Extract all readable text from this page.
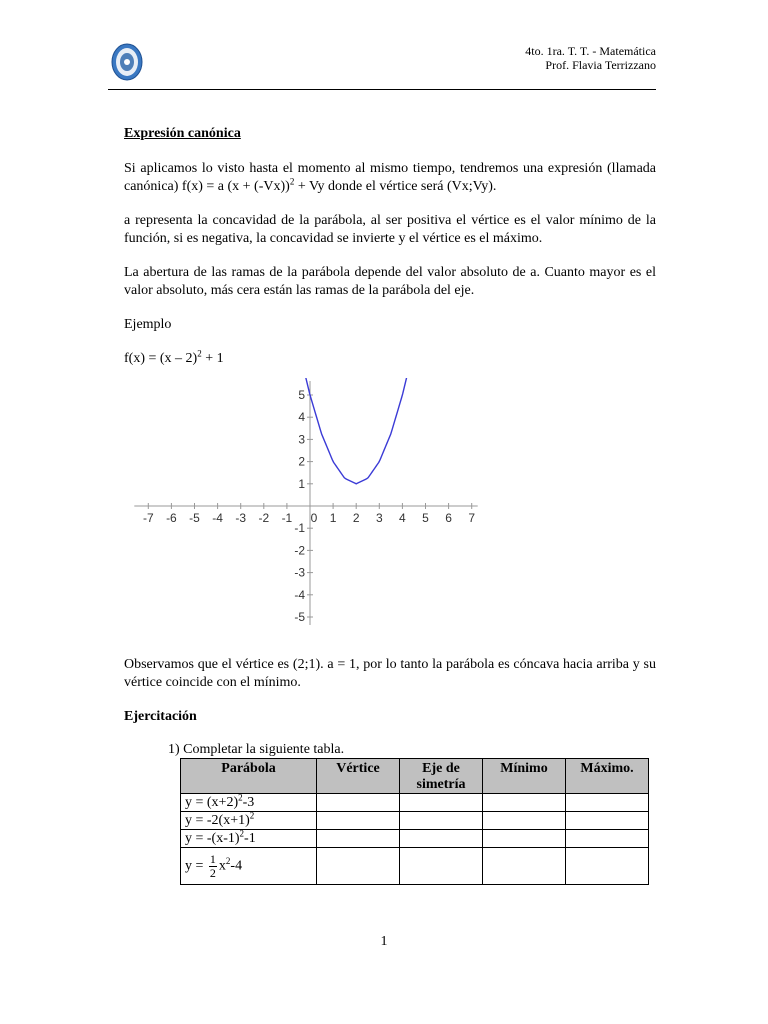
4to. 1ra. T. T. - Matemática
Prof. Flavia Terrizzano
Expresión canónica
Si aplicamos lo visto hasta el momento al mismo tiempo, tendremos una expresión (llamada canónica) f(x) = a $(x + (-Vx))^2 + Vy$ donde el vértice será (Vx;Vy).
a representa la concavidad de la parábola, al ser positiva el vértice es el valor mínimo de la función, si es negativa, la concavidad se invierte y el vértice es el máximo.
La abertura de las ramas de la parábola depende del valor absoluto de a. Cuanto mayor es el valor absoluto, más cera están las ramas de la parábola del eje.
Ejemplo
f(x) = (x – 2)$^2$ + 1
-7 -6 -5 -4 -3 -2 -1 0 1 2 3 4 5 6 7
5
4
3
2
1
-1
-2
-3
-4
-5
Observamos que el vértice es (2;1). a = 1, por lo tanto la parábola es cóncava hacia arriba y su vértice coincide con el mínimo.
Ejercitación
1) Completar la siguiente tabla.
Parábola	Vértice	Eje de simetría	Mínimo	Máximo.
$y = (x+2)^2-3$				
$y = -2(x+1)^2$				
$y = -(x-1)^2-1$				
$y = \frac{1}{2} x^2-4$				
1
